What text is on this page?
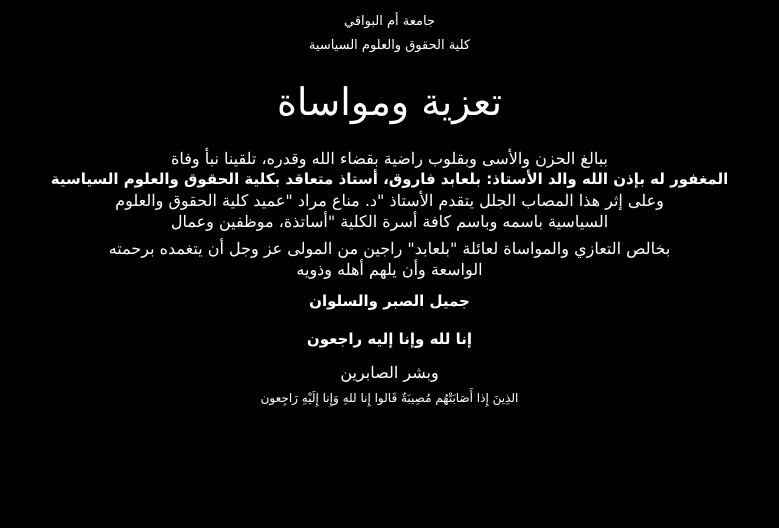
جامعة أم البواقي

كلية الحقوق والعلوم السياسية

تعزية ومواساة

ببالغ الحزن والأسى وبقلوب راضية بقضاء الله وقدره، تلقينا نبأ وفاة

المغفور له بإذن الله والد الأستاذ: بلعابد فاروق، أستاذ متعاقد بكلية الحقوق والعلوم السياسية

وعلى إثر هذا المصاب الجلل يتقدم الأستاذ "د. مناع مراد "عميد كلية الحقوق والعلوم

السياسية باسمه وباسم كافة أسرة الكلية "أساتذة، موظفين وعمال

بخالص التعازي والمواساة لعائلة "بلعابد" راجين من المولى عز وجل أن يتغمده برحمته

الواسعة وأن يلهم أهله وذويه

جميل الصبر والسلوان

إنا لله وإنا إليه راجعون

وبشر الصابرين

الذِينَ إِذا أَصَابَتْهُم مُصِيبَةٌ قَالوا إِنا للهِ وَإِنا إِلَيْهِ رَاجِعون
